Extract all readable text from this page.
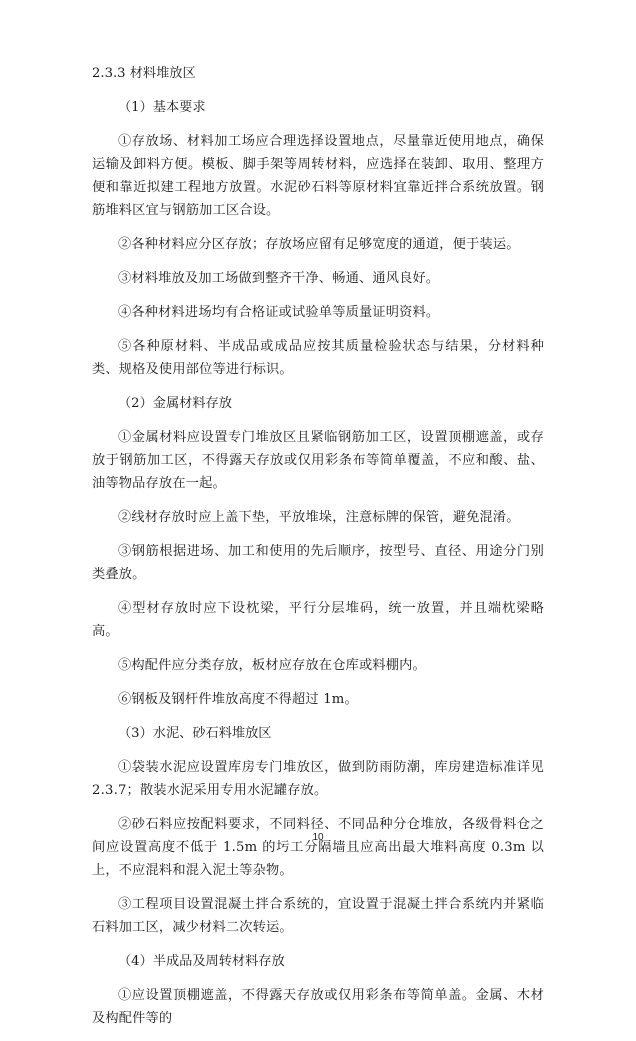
2.3.3 材料堆放区
（1）基本要求

①存放场、材料加工场应合理选择设置地点，尽量靠近使用地点，确保运输及卸料方便。模板、脚手架等周转材料，应选择在装卸、取用、整理方便和靠近拟建工程地方放置。水泥砂石料等原材料宜靠近拌合系统放置。钢筋堆料区宜与钢筋加工区合设。

②各种材料应分区存放；存放场应留有足够宽度的通道，便于装运。

③材料堆放及加工场做到整齐干净、畅通、通风良好。

④各种材料进场均有合格证或试验单等质量证明资料。

⑤各种原材料、半成品或成品应按其质量检验状态与结果，分材料种类、规格及使用部位等进行标识。

（2）金属材料存放

①金属材料应设置专门堆放区且紧临钢筋加工区，设置顶棚遮盖，或存放于钢筋加工区，不得露天存放或仅用彩条布等简单覆盖，不应和酸、盐、油等物品存放在一起。

②线材存放时应上盖下垫，平放堆垛，注意标牌的保管，避免混淆。

③钢筋根据进场、加工和使用的先后顺序，按型号、直径、用途分门别类叠放。

④型材存放时应下设枕梁，平行分层堆码，统一放置，并且端枕梁略高。

⑤构配件应分类存放，板材应存放在仓库或料棚内。

⑥钢板及钢杆件堆放高度不得超过 1m。

（3）水泥、砂石料堆放区

①袋装水泥应设置库房专门堆放区，做到防雨防潮，库房建造标准详见 2.3.7；散装水泥采用专用水泥罐存放。

②砂石料应按配料要求，不同料径、不同品种分仓堆放，各级骨料仓之间应设置高度不低于 1.5m 的圬工分隔墙且应高出最大堆料高度 0.3m 以上，不应混料和混入泥土等杂物。

③工程项目设置混凝土拌合系统的，宜设置于混凝土拌合系统内并紧临石料加工区，减少材料二次转运。

（4）半成品及周转材料存放

①应设置顶棚遮盖，不得露天存放或仅用彩条布等简单盖。金属、木材及构配件等的

10
